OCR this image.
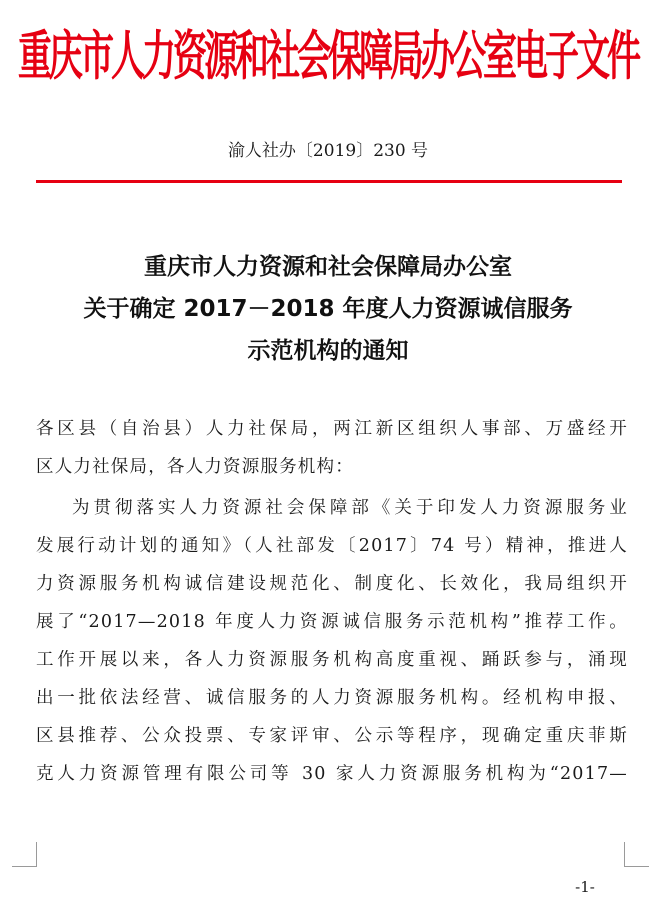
重庆市人力资源和社会保障局办公室电子文件
渝人社办〔2019〕230 号
重庆市人力资源和社会保障局办公室
关于确定 2017－2018 年度人力资源诚信服务
示范机构的通知
各区县（自治县）人力社保局，两江新区组织人事部、万盛经开
区人力社保局，各人力资源服务机构：
为贯彻落实人力资源社会保障部《关于印发人力资源服务业
发展行动计划的通知》（人社部发〔2017〕74 号）精神，推进人
力资源服务机构诚信建设规范化、制度化、长效化，我局组织开
展了“2017—2018 年度人力资源诚信服务示范机构”推荐工作。
工作开展以来，各人力资源服务机构高度重视、踊跃参与，涌现
出一批依法经营、诚信服务的人力资源服务机构。经机构申报、
区县推荐、公众投票、专家评审、公示等程序，现确定重庆菲斯
克人力资源管理有限公司等 30 家人力资源服务机构为“2017—
-1-
